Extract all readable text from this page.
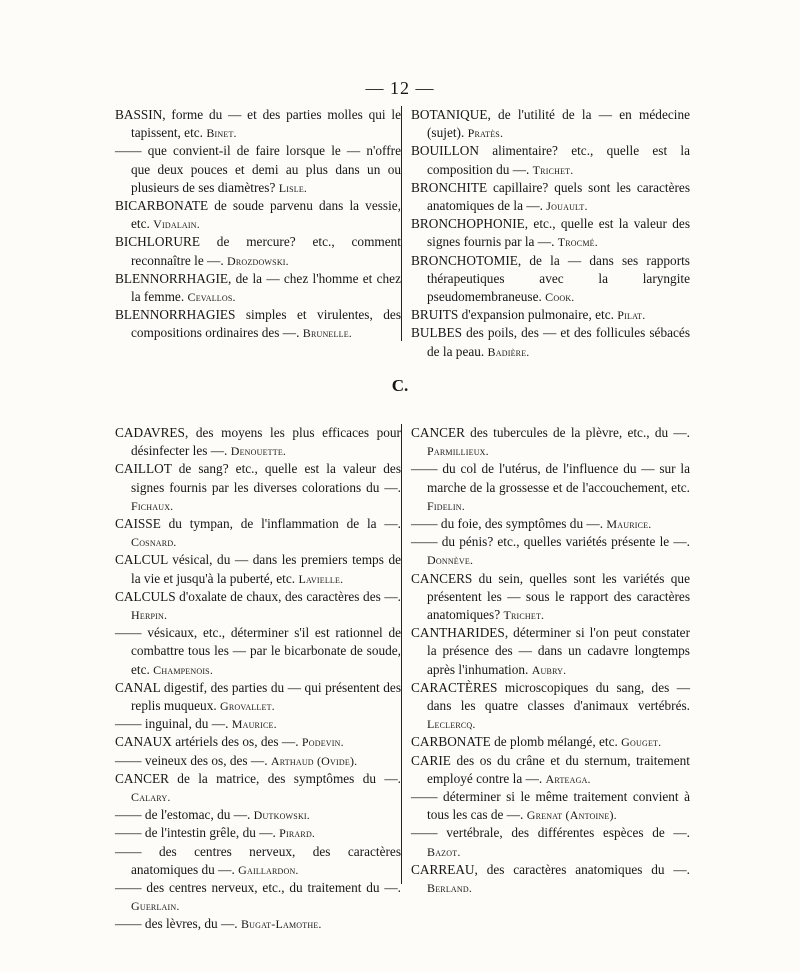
— 12 —
BASSIN, forme du — et des parties molles qui le tapissent, etc. Binet.
—— que convient-il de faire lorsque le — n'offre que deux pouces et demi au plus dans un ou plusieurs de ses diamètres? Lisle.
BICARBONATE de soude parvenu dans la vessie, etc. Vidalain.
BICHLORURE de mercure? etc., comment reconnaître le —. Drozdowski.
BLENNORRHAGIE, de la — chez l'homme et chez la femme. Cevallos.
BLENNORRHAGIES simples et virulentes, des compositions ordinaires des —. Brunelle.
BOTANIQUE, de l'utilité de la — en médecine (sujet). Pratès.
BOUILLON alimentaire? etc., quelle est la composition du —. Trichet.
BRONCHITE capillaire? quels sont les caractères anatomiques de la —. Jouault.
BRONCHOPHONIE, etc., quelle est la valeur des signes fournis par la —. Trocmé.
BRONCHOTOMIE, de la — dans ses rapports thérapeutiques avec la laryngite pseudomembraneuse. Cook.
BRUITS d'expansion pulmonaire, etc. Pilat.
BULBES des poils, des — et des follicules sébacés de la peau. Badière.
C.
CADAVRES, des moyens les plus efficaces pour désinfecter les —. Denouette.
CAILLOT de sang? etc., quelle est la valeur des signes fournis par les diverses colorations du —. Fichaux.
CAISSE du tympan, de l'inflammation de la —. Cosnard.
CALCUL vésical, du — dans les premiers temps de la vie et jusqu'à la puberté, etc. Lavielle.
CALCULS d'oxalate de chaux, des caractères des —. Herpin.
—— vésicaux, etc., déterminer s'il est rationnel de combattre tous les — par le bicarbonate de soude, etc. Champenois.
CANAL digestif, des parties du — qui présentent des replis muqueux. Grovallet.
—— inguinal, du —. Maurice.
CANAUX artériels des os, des —. Podevin.
—— veineux des os, des —. Arthaud (Ovide).
CANCER de la matrice, des symptômes du —. Calary.
—— de l'estomac, du —. Dutkowski.
—— de l'intestin grêle, du —. Pirard.
—— des centres nerveux, des caractères anatomiques du —. Gaillardon.
—— des centres nerveux, etc., du traitement du —. Guerlain.
—— des lèvres, du —. Bugat-Lamothe.
CANCER des tubercules de la plèvre, etc., du —. Parmillieux.
—— du col de l'utérus, de l'influence du — sur la marche de la grossesse et de l'accouchement, etc. Fidelin.
—— du foie, des symptômes du —. Maurice.
—— du pénis? etc., quelles variétés présente le —. Donnève.
CANCERS du sein, quelles sont les variétés que présentent les — sous le rapport des caractères anatomiques? Trichet.
CANTHARIDES, déterminer si l'on peut constater la présence des — dans un cadavre longtemps après l'inhumation. Aubry.
CARACTÈRES microscopiques du sang, des — dans les quatre classes d'animaux vertébrés. Leclercq.
CARBONATE de plomb mélangé, etc. Gouget.
CARIE des os du crâne et du sternum, traitement employé contre la —. Arteaga.
—— déterminer si le même traitement convient à tous les cas de —. Grenat (Antoine).
—— vertébrale, des différentes espèces de —. Bazot.
CARREAU, des caractères anatomiques du —. Berland.
